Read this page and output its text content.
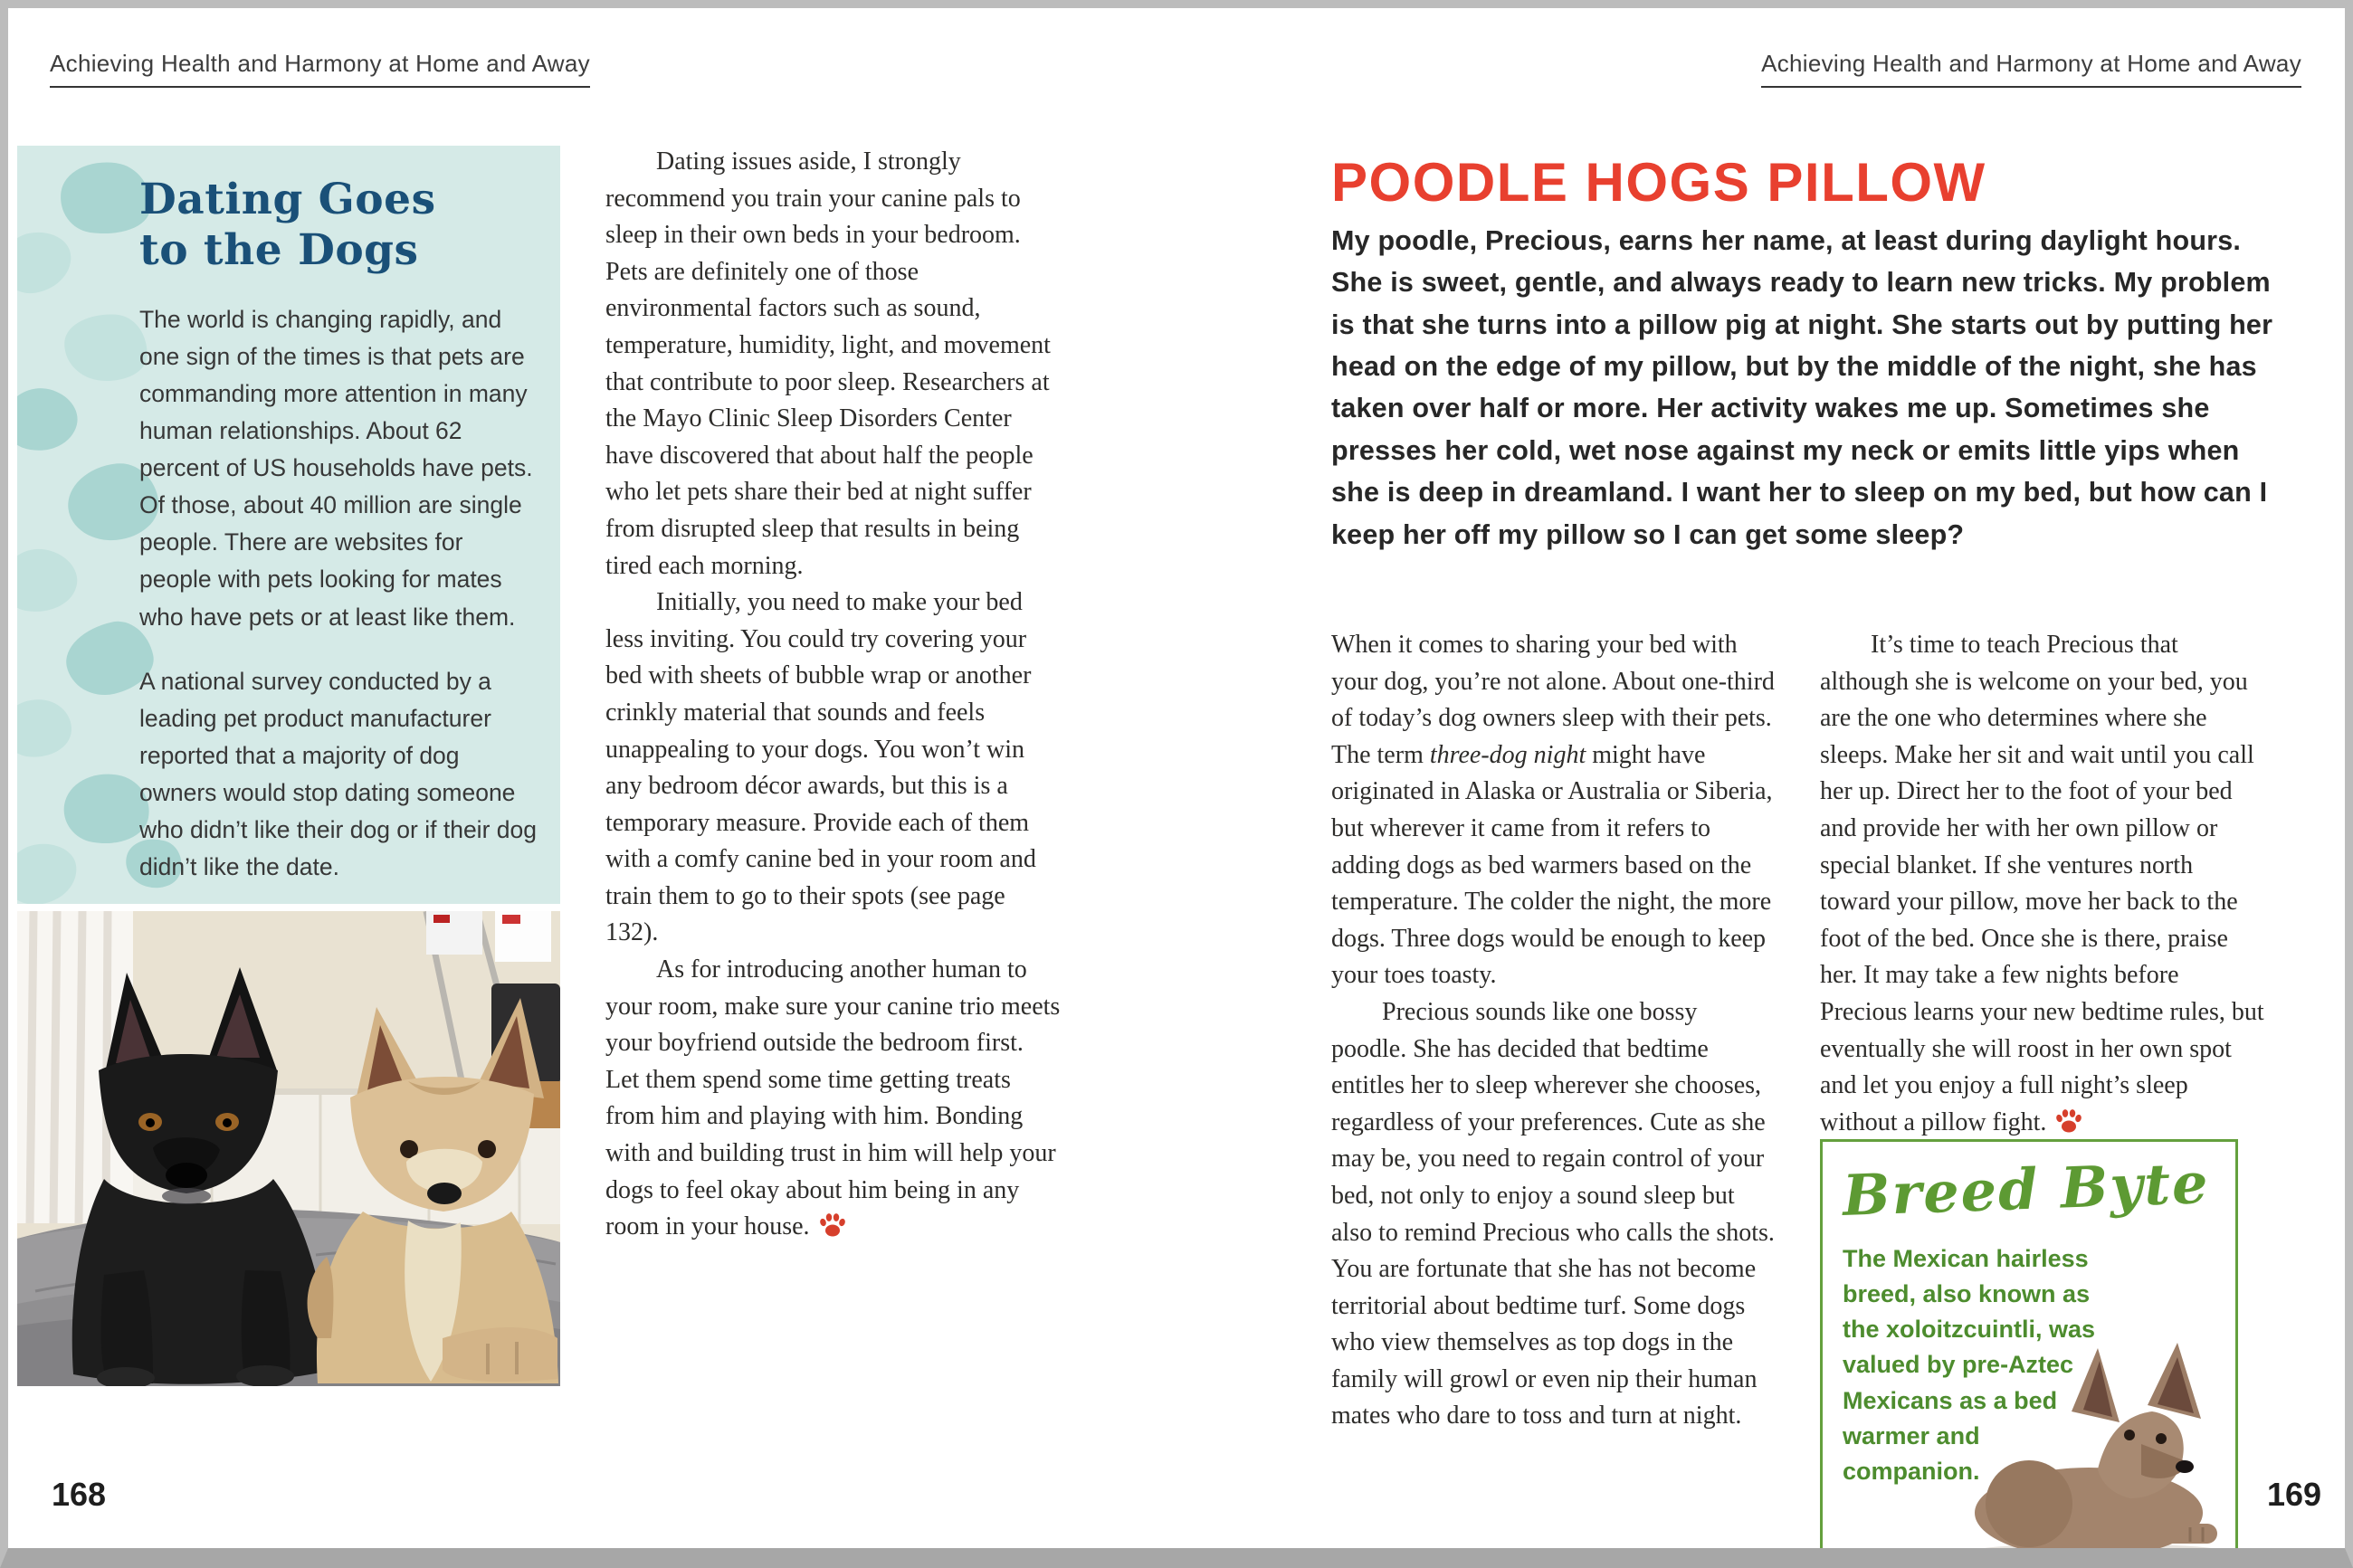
Achieving Health and Harmony at Home and Away	Achieving Health and Harmony at Home and Away
Dating Goes
to the Dogs

The world is changing rapidly, and one sign of the times is that pets are commanding more attention in many human relationships. About 62 percent of US households have pets. Of those, about 40 million are single people. There are websites for people with pets looking for mates who have pets or at least like them.

A national survey conducted by a leading pet product manufacturer reported that a majority of dog owners would stop dating someone who didn’t like their dog or if their dog didn’t like the date.

Dating issues aside, I strongly recommend you train your canine pals to sleep in their own beds in your bedroom. Pets are definitely one of those environmental factors such as sound, temperature, humidity, light, and movement that contribute to poor sleep. Researchers at the Mayo Clinic Sleep Disorders Center have discovered that about half the people who let pets share their bed at night suffer from disrupted sleep that results in being tired each morning.

Initially, you need to make your bed less inviting. You could try covering your bed with sheets of bubble wrap or another crinkly material that sounds and feels unappealing to your dogs. You won’t win any bedroom décor awards, but this is a temporary measure. Provide each of them with a comfy canine bed in your room and train them to go to their spots (see page 132).

As for introducing another human to your room, make sure your canine trio meets your boyfriend outside the bedroom first. Let them spend some time getting treats from him and playing with him. Bonding with and building trust in him will help your dogs to feel okay about him being in any room in your house.

168	169
POODLE HOGS PILLOW
My poodle, Precious, earns her name, at least during daylight hours. She is sweet, gentle, and always ready to learn new tricks. My problem is that she turns into a pillow pig at night. She starts out by putting her head on the edge of my pillow, but by the middle of the night, she has taken over half or more. Her activity wakes me up. Sometimes she presses her cold, wet nose against my neck or emits little yips when she is deep in dreamland. I want her to sleep on my bed, but how can I keep her off my pillow so I can get some sleep?

When it comes to sharing your bed with your dog, you’re not alone. About one-third of today’s dog owners sleep with their pets. The term three-dog night might have originated in Alaska or Australia or Siberia, but wherever it came from it refers to adding dogs as bed warmers based on the temperature. The colder the night, the more dogs. Three dogs would be enough to keep your toes toasty.

Precious sounds like one bossy poodle. She has decided that bedtime entitles her to sleep wherever she chooses, regardless of your preferences. Cute as she may be, you need to regain control of your bed, not only to enjoy a sound sleep but also to remind Precious who calls the shots. You are fortunate that she has not become territorial about bedtime turf. Some dogs who view themselves as top dogs in the family will growl or even nip their human mates who dare to toss and turn at night.

It’s time to teach Precious that although she is welcome on your bed, you are the one who determines where she sleeps. Make her sit and wait until you call her up. Direct her to the foot of your bed and provide her with her own pillow or special blanket. If she ventures north toward your pillow, move her back to the foot of the bed. Once she is there, praise her. It may take a few nights before Precious learns your new bedtime rules, but eventually she will roost in her own spot and let you enjoy a full night’s sleep without a pillow fight.

Breed Byte
The Mexican hairless breed, also known as the xoloitzcuintli, was valued by pre-Aztec Mexicans as a bed warmer and companion.
